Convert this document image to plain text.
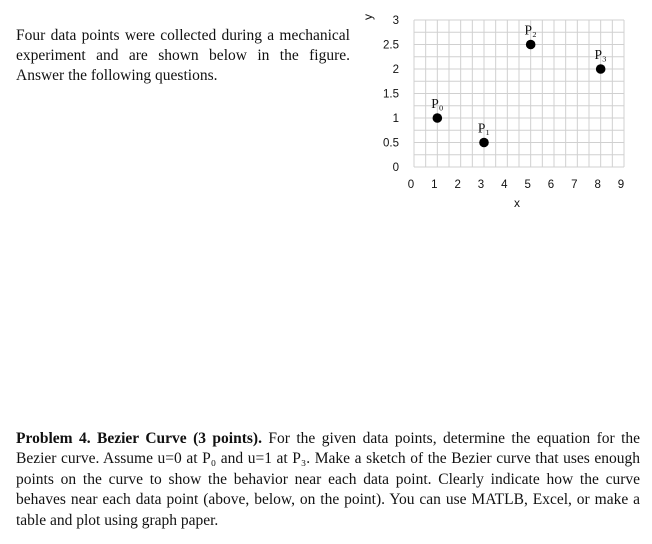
Four data points were collected during a mechanical experiment and are shown below in the figure. Answer the following questions.

0
0.5
1
1.5
2
2.5
3
0 1 2 3 4 5 6 7 8 9
x
y
P₀
P₁
P₂
P₃

Problem 4. Bezier Curve (3 points). For the given data points, determine the equation for the Bezier curve. Assume u=0 at P₀ and u=1 at P₃. Make a sketch of the Bezier curve that uses enough points on the curve to show the behavior near each data point. Clearly indicate how the curve behaves near each data point (above, below, on the point). You can use MATLB, Excel, or make a table and plot using graph paper.
